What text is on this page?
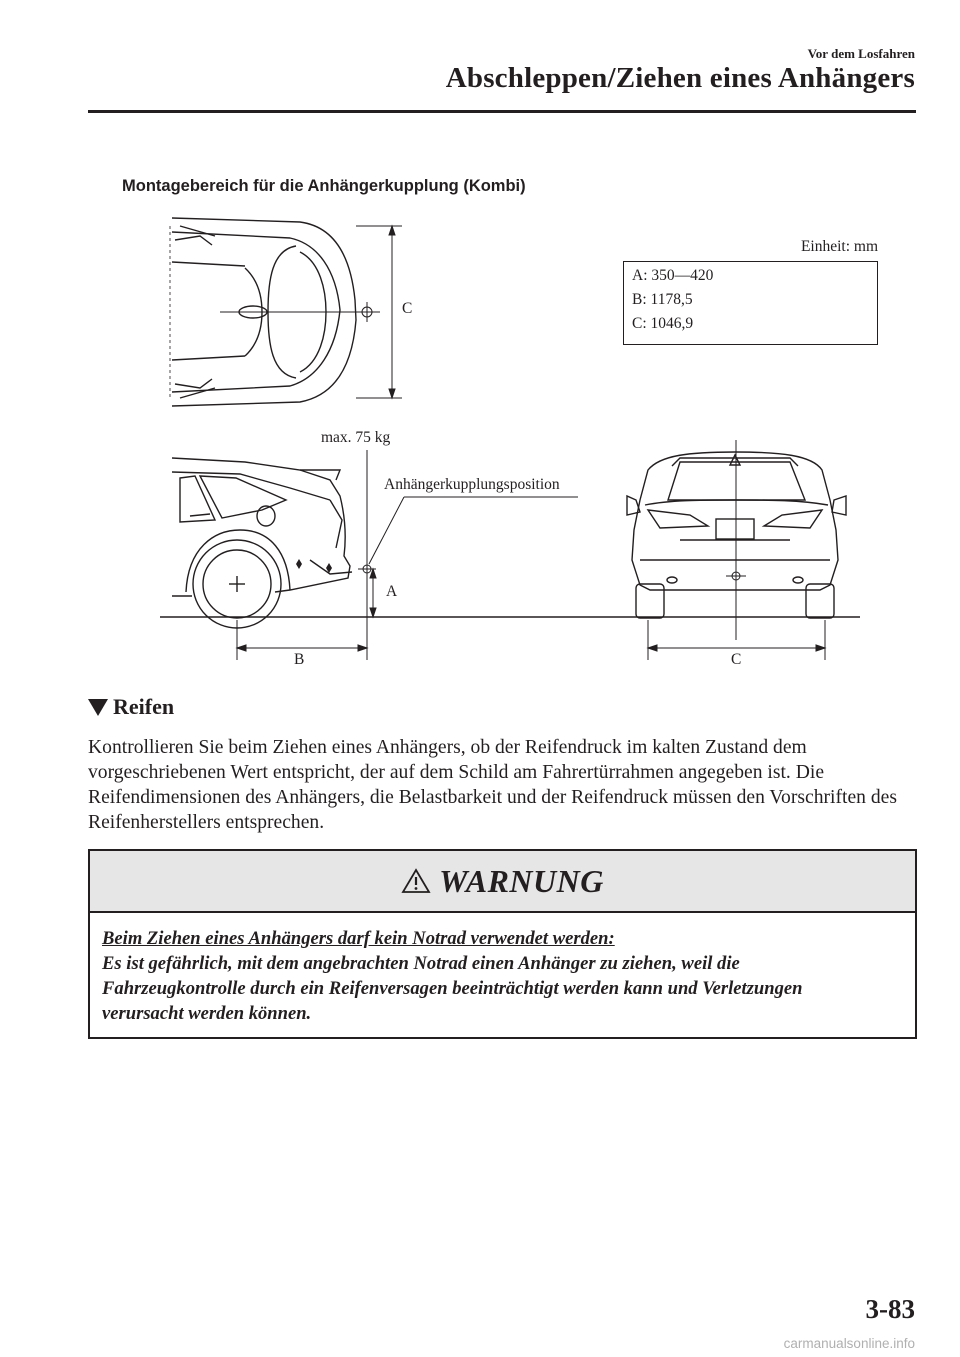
Vor dem Losfahren
Abschleppen/Ziehen eines Anhängers
Montagebereich für die Anhängerkupplung (Kombi)
C
Einheit: mm
A: 350—420
B: 1178,5
C: 1046,9
max. 75 kg
Anhängerkupplungsposition
A
B	C
Reifen
Kontrollieren Sie beim Ziehen eines Anhängers, ob der Reifendruck im kalten Zustand dem vorgeschriebenen Wert entspricht, der auf dem Schild am Fahrertürrahmen angegeben ist. Die Reifendimensionen des Anhängers, die Belastbarkeit und der Reifendruck müssen den Vorschriften des Reifenherstellers entsprechen.
WARNUNG
Beim Ziehen eines Anhängers darf kein Notrad verwendet werden:
Es ist gefährlich, mit dem angebrachten Notrad einen Anhänger zu ziehen, weil die Fahrzeugkontrolle durch ein Reifenversagen beeinträchtigt werden kann und Verletzungen verursacht werden können.
3-83
carmanualsonline.info
